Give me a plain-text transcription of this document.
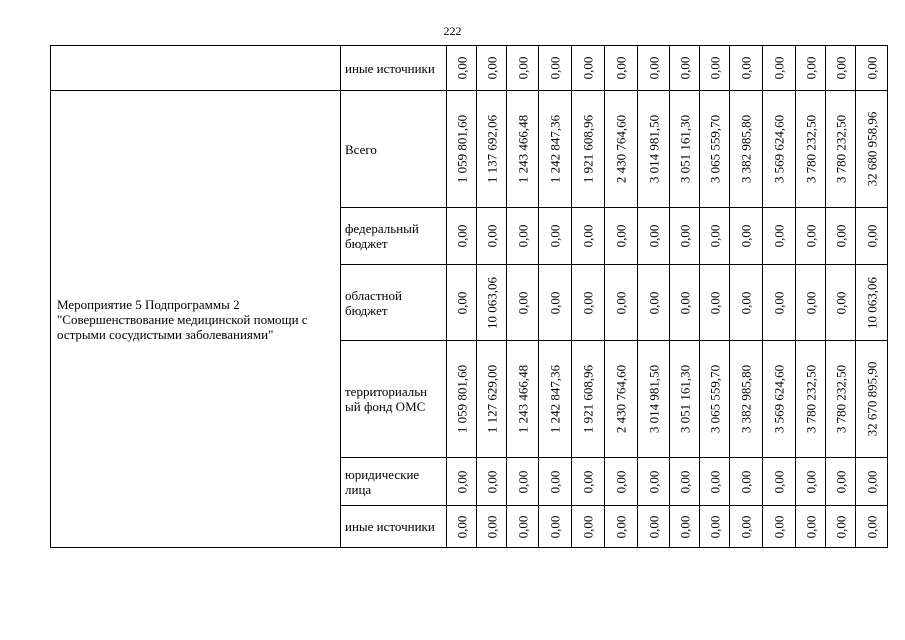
222
	иные источники	0,00	0,00	0,00	0,00	0,00	0,00	0,00	0,00	0,00	0,00	0,00	0,00	0,00	0,00

Мероприятие 5 Подпрограммы 2 "Совершенствование медицинской помощи с острыми сосудистыми заболеваниями"	Всего	1 059 801,60	1 137 692,06	1 243 466,48	1 242 847,36	1 921 608,96	2 430 764,60	3 014 981,50	3 051 161,30	3 065 559,70	3 382 985,80	3 569 624,60	3 780 232,50	3 780 232,50	32 680 958,96

	федеральный бюджет	0,00	0,00	0,00	0,00	0,00	0,00	0,00	0,00	0,00	0,00	0,00	0,00	0,00	0,00

	областной бюджет	0,00	10 063,06	0,00	0,00	0,00	0,00	0,00	0,00	0,00	0,00	0,00	0,00	0,00	10 063,06

	территориальн ый фонд ОМС	1 059 801,60	1 127 629,00	1 243 466,48	1 242 847,36	1 921 608,96	2 430 764,60	3 014 981,50	3 051 161,30	3 065 559,70	3 382 985,80	3 569 624,60	3 780 232,50	3 780 232,50	32 670 895,90

	юридические лица	0,00	0,00	0,00	0,00	0,00	0,00	0,00	0,00	0,00	0,00	0,00	0,00	0,00	0,00

	иные источники	0,00	0,00	0,00	0,00	0,00	0,00	0,00	0,00	0,00	0,00	0,00	0,00	0,00	0,00
